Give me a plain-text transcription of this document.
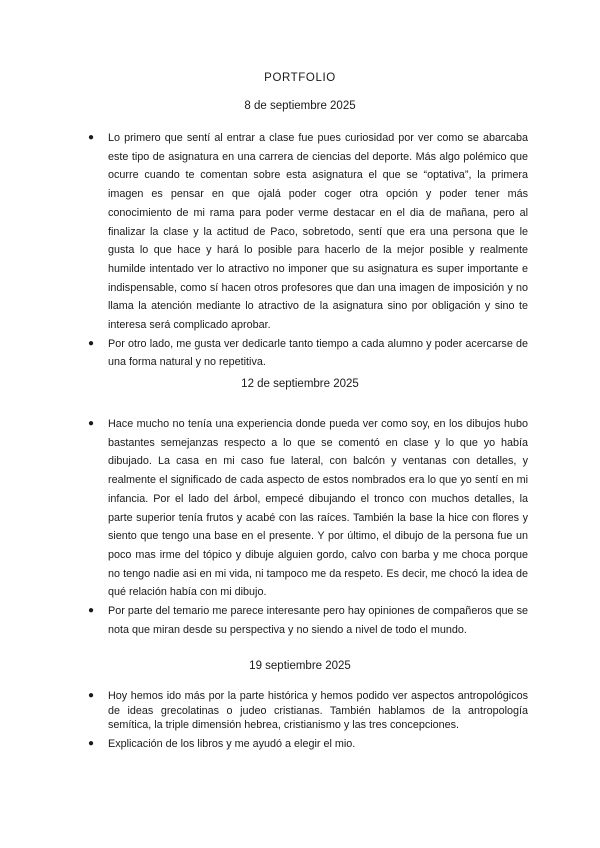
PORTFOLIO
8 de septiembre 2025
● Lo primero que sentí al entrar a clase fue pues curiosidad por ver como se abarcaba este tipo de asignatura en una carrera de ciencias del deporte. Más algo polémico que ocurre cuando te comentan sobre esta asignatura el que se “optativa”, la primera imagen es pensar en que ojalá poder coger otra opción y poder tener más conocimiento de mi rama para poder verme destacar en el dia de mañana, pero al finalizar la clase y la actitud de Paco, sobretodo, sentí que era una persona que le gusta lo que hace y hará lo posible para hacerlo de la mejor posible y realmente humilde intentado ver lo atractivo no imponer que su asignatura es super importante e indispensable, como sí hacen otros profesores que dan una imagen de imposición y no llama la atención mediante lo atractivo de la asignatura sino por obligación y sino te interesa será complicado aprobar.
● Por otro lado, me gusta ver dedicarle tanto tiempo a cada alumno y poder acercarse de una forma natural y no repetitiva.
12 de septiembre 2025
● Hace mucho no tenía una experiencia donde pueda ver como soy, en los dibujos hubo bastantes semejanzas respecto a lo que se comentó en clase y lo que yo había dibujado. La casa en mi caso fue lateral, con balcón y ventanas con detalles, y realmente el significado de cada aspecto de estos nombrados era lo que yo sentí en mi infancia. Por el lado del árbol, empecé dibujando el tronco con muchos detalles, la parte superior tenía frutos y acabé con las raíces. También la base la hice con flores y siento que tengo una base en el presente. Y por último, el dibujo de la persona fue un poco mas irme del tópico y dibuje alguien gordo, calvo con barba y me choca porque no tengo nadie asi en mi vida, ni tampoco me da respeto. Es decir, me chocó la idea de qué relación había con mi dibujo.
● Por parte del temario me parece interesante pero hay opiniones de compañeros que se nota que miran desde su perspectiva y no siendo a nivel de todo el mundo.
19 septiembre 2025
● Hoy hemos ido más por la parte histórica y hemos podido ver aspectos antropológicos de ideas grecolatinas o judeo cristianas. También hablamos de la antropología semítica, la triple dimensión hebrea, cristianismo y las tres concepciones.
● Explicación de los libros y me ayudó a elegir el mio.
